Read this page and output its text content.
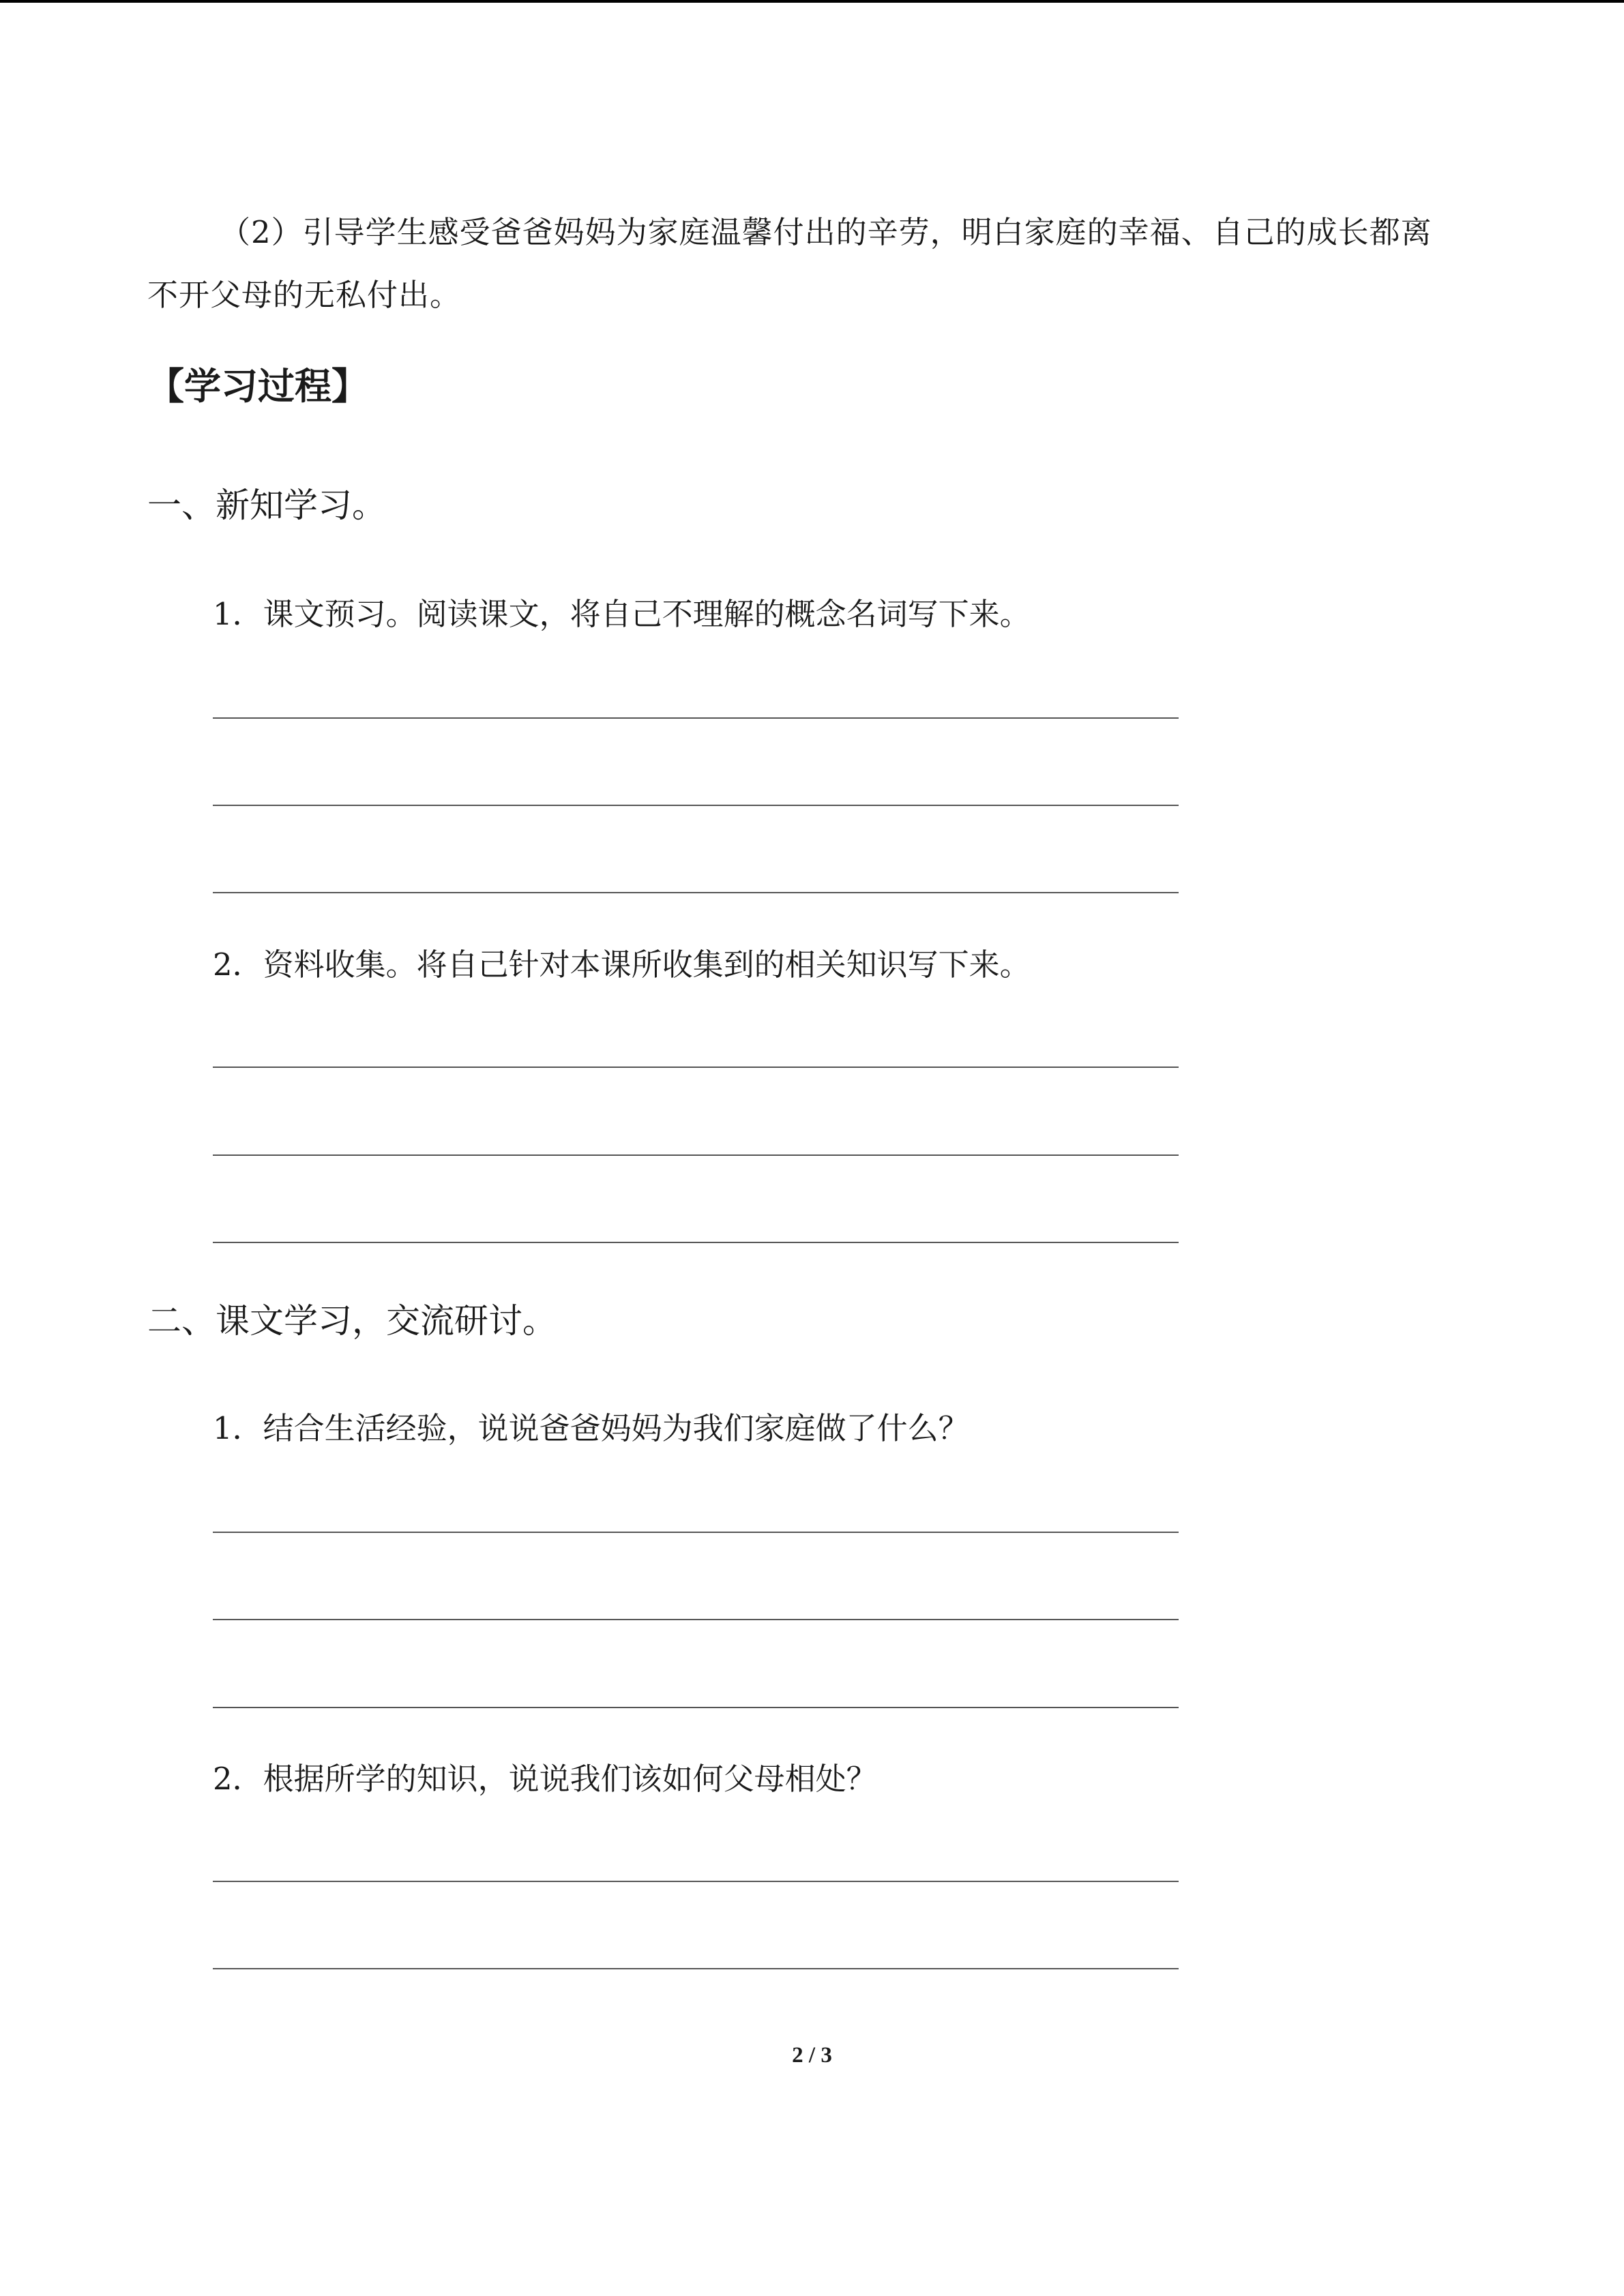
（2）引导学生感受爸爸妈妈为家庭温馨付出的辛劳，明白家庭的幸福、自己的成长都离
不开父母的无私付出。
【学习过程】
一、新知学习。
1．课文预习。阅读课文，将自己不理解的概念名词写下来。
2．资料收集。将自己针对本课所收集到的相关知识写下来。
二、课文学习，交流研讨。
1．结合生活经验，说说爸爸妈妈为我们家庭做了什么？
2．根据所学的知识，说说我们该如何父母相处？
2 / 3
